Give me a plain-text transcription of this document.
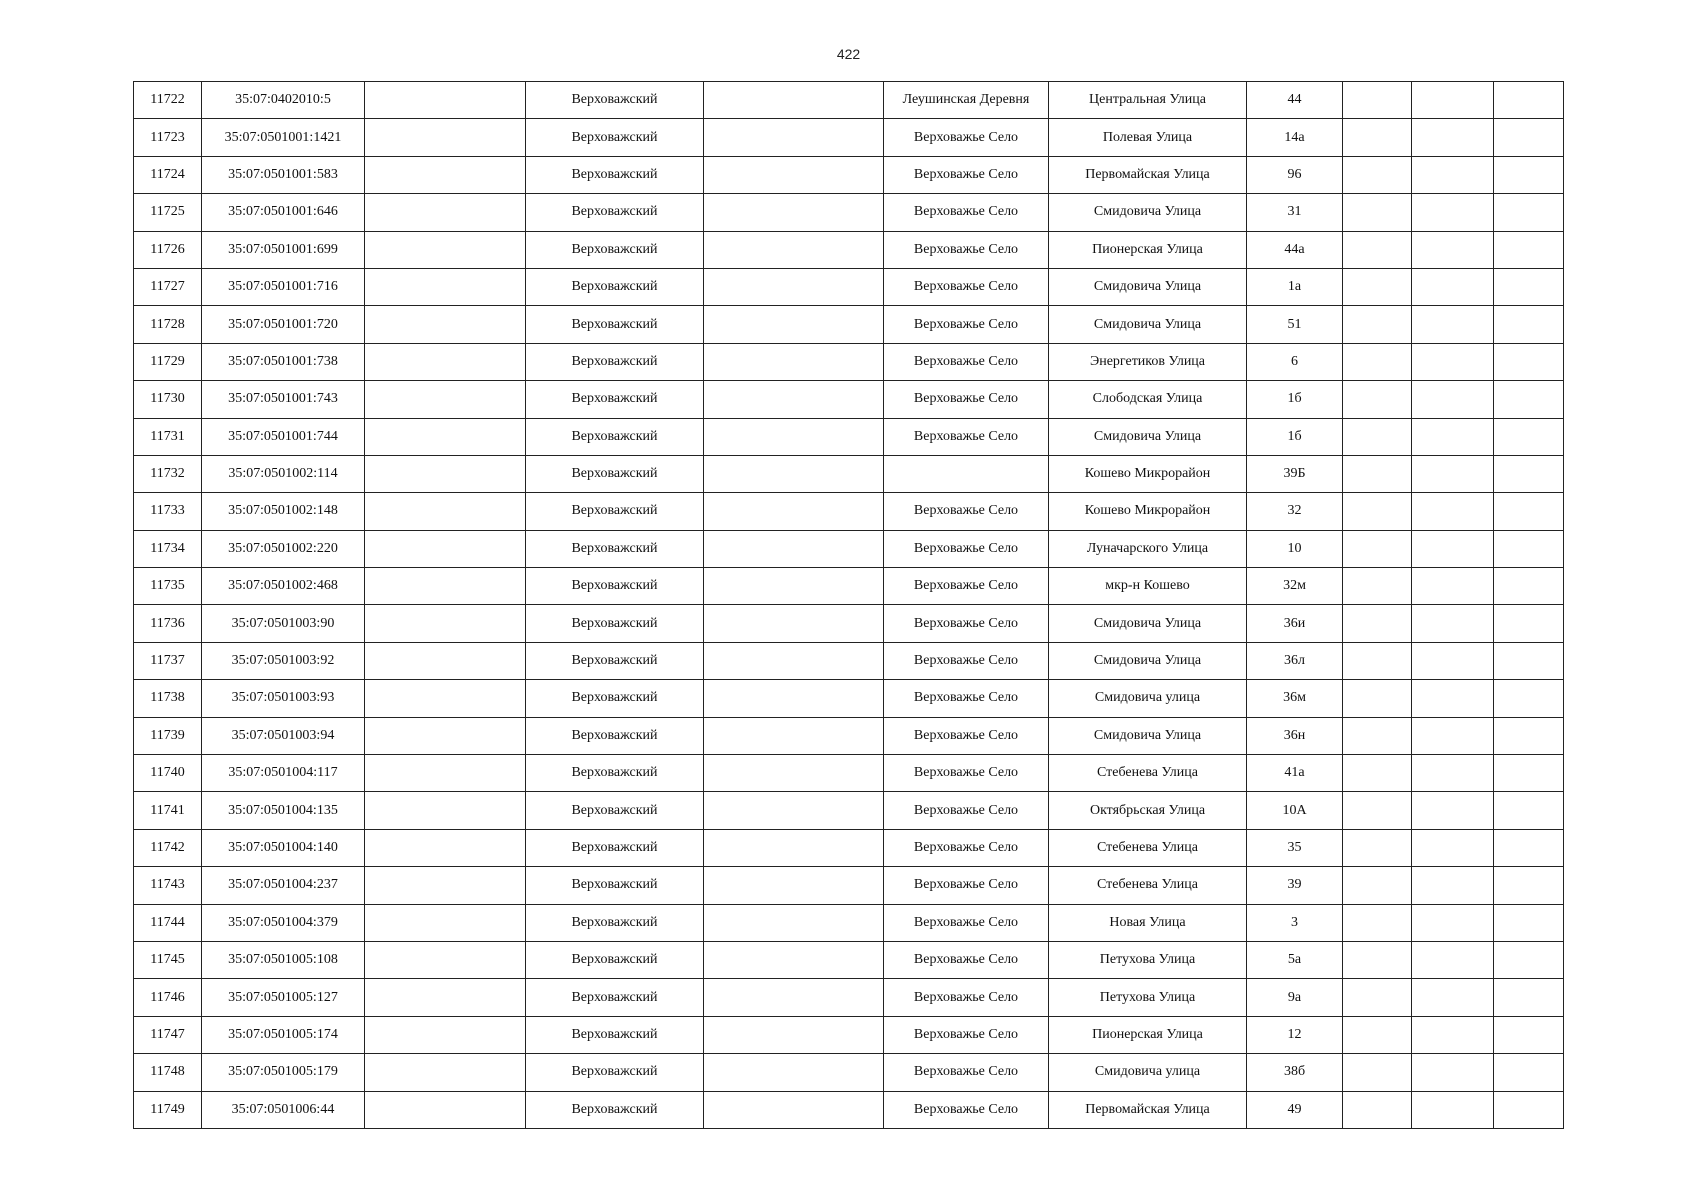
422
11722	35:07:0402010:5		Верховажский		Леушинская Деревня	Центральная Улица	44			
11723	35:07:0501001:1421		Верховажский		Верховажье Село	Полевая Улица	14а			
11724	35:07:0501001:583		Верховажский		Верховажье Село	Первомайская Улица	96			
11725	35:07:0501001:646		Верховажский		Верховажье Село	Смидовича Улица	31			
11726	35:07:0501001:699		Верховажский		Верховажье Село	Пионерская Улица	44а			
11727	35:07:0501001:716		Верховажский		Верховажье Село	Смидовича Улица	1а			
11728	35:07:0501001:720		Верховажский		Верховажье Село	Смидовича Улица	51			
11729	35:07:0501001:738		Верховажский		Верховажье Село	Энергетиков Улица	6			
11730	35:07:0501001:743		Верховажский		Верховажье Село	Слободская Улица	1б			
11731	35:07:0501001:744		Верховажский		Верховажье Село	Смидовича Улица	1б			
11732	35:07:0501002:114		Верховажский			Кошево Микрорайон	39Б			
11733	35:07:0501002:148		Верховажский		Верховажье Село	Кошево Микрорайон	32			
11734	35:07:0501002:220		Верховажский		Верховажье Село	Луначарского Улица	10			
11735	35:07:0501002:468		Верховажский		Верховажье Село	мкр-н Кошево	32м			
11736	35:07:0501003:90		Верховажский		Верховажье Село	Смидовича Улица	36и			
11737	35:07:0501003:92		Верховажский		Верховажье Село	Смидовича Улица	36л			
11738	35:07:0501003:93		Верховажский		Верховажье Село	Смидовича улица	36м			
11739	35:07:0501003:94		Верховажский		Верховажье Село	Смидовича Улица	36н			
11740	35:07:0501004:117		Верховажский		Верховажье Село	Стебенева Улица	41а			
11741	35:07:0501004:135		Верховажский		Верховажье Село	Октябрьская Улица	10А			
11742	35:07:0501004:140		Верховажский		Верховажье Село	Стебенева Улица	35			
11743	35:07:0501004:237		Верховажский		Верховажье Село	Стебенева Улица	39			
11744	35:07:0501004:379		Верховажский		Верховажье Село	Новая Улица	3			
11745	35:07:0501005:108		Верховажский		Верховажье Село	Петухова Улица	5а			
11746	35:07:0501005:127		Верховажский		Верховажье Село	Петухова Улица	9а			
11747	35:07:0501005:174		Верховажский		Верховажье Село	Пионерская Улица	12			
11748	35:07:0501005:179		Верховажский		Верховажье Село	Смидовича улица	38б			
11749	35:07:0501006:44		Верховажский		Верховажье Село	Первомайская Улица	49			
